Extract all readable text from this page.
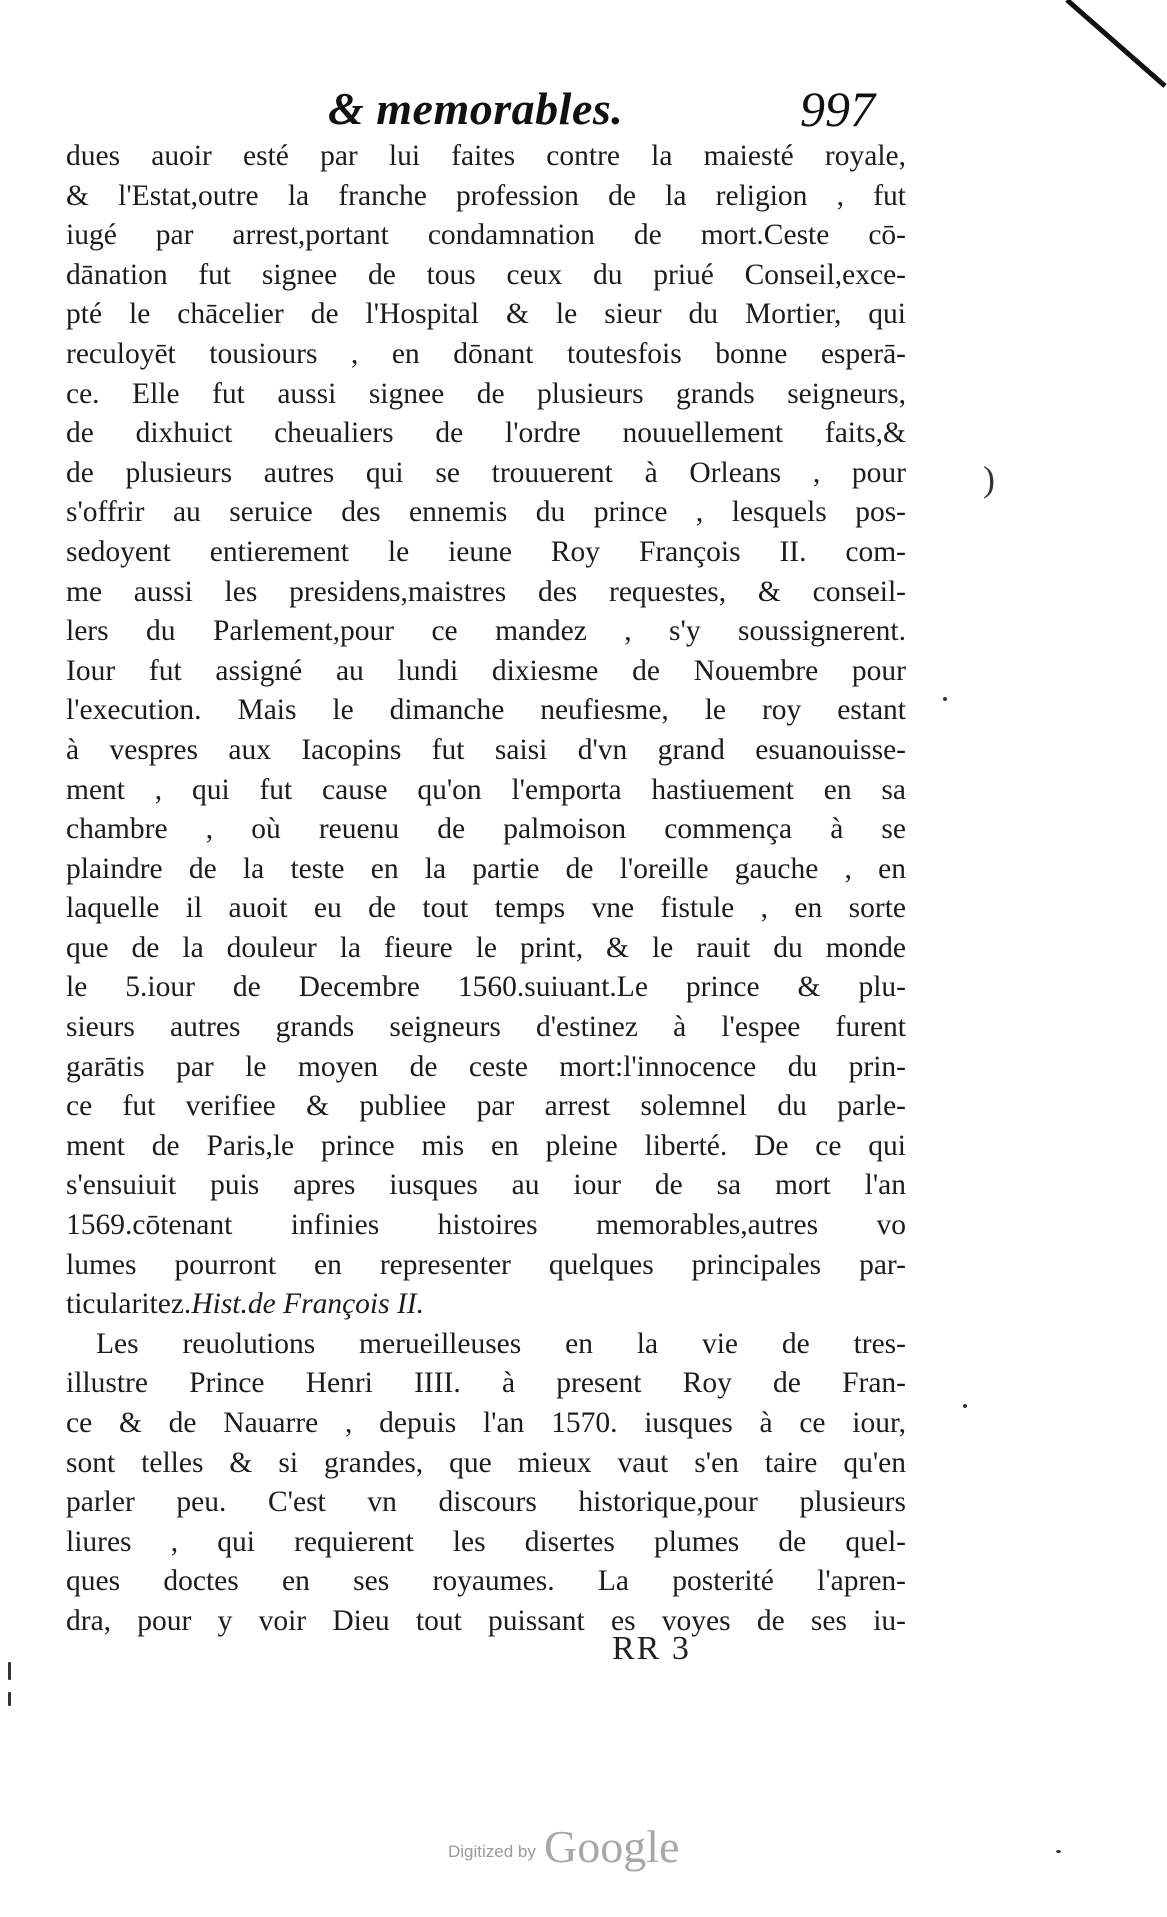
& memorables.	997
dues auoir esté par lui faites contre la maiesté royale,
& l'Estat,outre la franche profession de la religion , fut
iugé par arrest,portant condamnation de mort.Ceste cō-
dānation fut signee de tous ceux du priué Conseil,exce-
pté le chācelier de l'Hospital & le sieur du Mortier, qui
reculoyēt tousiours , en dōnant toutesfois bonne esperā-
ce. Elle fut aussi signee de plusieurs grands seigneurs,
de dixhuict cheualiers de l'ordre nouuellement faits,&
de plusieurs autres qui se trouuerent à Orleans , pour
s'offrir au seruice des ennemis du prince , lesquels pos-
sedoyent entierement le ieune Roy François II. com-
me aussi les presidens,maistres des requestes, & conseil-
lers du Parlement,pour ce mandez , s'y soussignerent.
Iour fut assigné au lundi dixiesme de Nouembre pour
l'execution. Mais le dimanche neufiesme, le roy estant
à vespres aux Iacopins fut saisi d'vn grand esuanouisse-
ment , qui fut cause qu'on l'emporta hastiuement en sa
chambre , où reuenu de palmoison commença à se
plaindre de la teste en la partie de l'oreille gauche , en
laquelle il auoit eu de tout temps vne fistule , en sorte
que de la douleur la fieure le print, & le rauit du monde
le 5.iour de Decembre 1560.suiuant.Le prince & plu-
sieurs autres grands seigneurs d'estinez à l'espee furent
garātis par le moyen de ceste mort:l'innocence du prin-
ce fut verifiee & publiee par arrest solemnel du parle-
ment de Paris,le prince mis en pleine liberté. De ce qui
s'ensuiuit puis apres iusques au iour de sa mort l'an
1569.cōtenant infinies histoires memorables,autres vo
lumes pourront en representer quelques principales par-
ticularitez.Hist.de François II.
Les reuolutions merueilleuses en la vie de tres-
illustre Prince Henri IIII. à present Roy de Fran-
ce & de Nauarre , depuis l'an 1570. iusques à ce iour,
sont telles & si grandes, que mieux vaut s'en taire qu'en
parler peu. C'est vn discours historique,pour plusieurs
liures , qui requierent les disertes plumes de quel-
ques doctes en ses royaumes. La posterité l'apren-
dra, pour y voir Dieu tout puissant es voyes de ses iu-
)
RR 3
Digitized by Google
